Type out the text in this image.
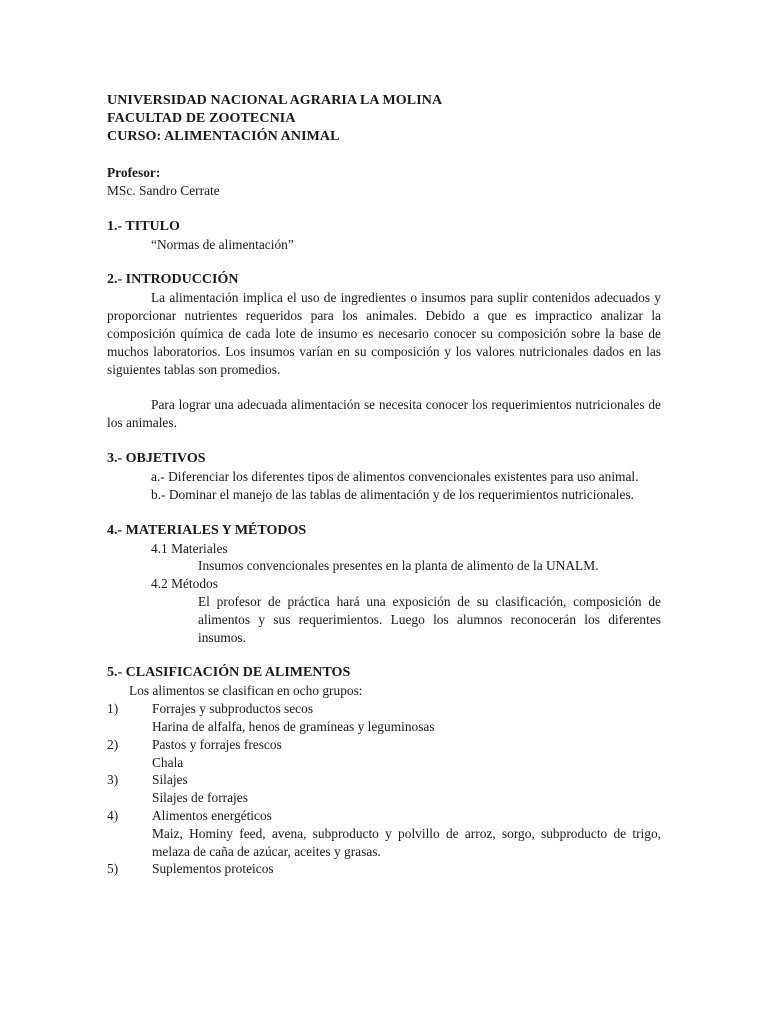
UNIVERSIDAD NACIONAL AGRARIA LA MOLINA
FACULTAD DE ZOOTECNIA
CURSO: ALIMENTACIÓN ANIMAL
Profesor:
MSc. Sandro Cerrate
1.- TITULO
“Normas de alimentación”
2.- INTRODUCCIÓN
La alimentación implica el uso de ingredientes o insumos para suplir contenidos adecuados y proporcionar nutrientes requeridos para los animales. Debido a que es impractico analizar la composición química de cada lote de insumo es necesario conocer su composición sobre la base de muchos laboratorios. Los insumos varían en su composición y los valores nutricionales dados en las siguientes tablas son promedios.
Para lograr una adecuada alimentación se necesita conocer los requerimientos nutricionales de los animales.
3.- OBJETIVOS
a.- Diferenciar los diferentes tipos de alimentos convencionales existentes para uso animal.
b.- Dominar el manejo de las tablas de alimentación y de los requerimientos nutricionales.
4.- MATERIALES Y MÉTODOS
4.1 Materiales
Insumos convencionales presentes en la planta de alimento de la UNALM.
4.2 Métodos
El profesor de práctica hará una exposición de su clasificación, composición de alimentos y sus requerimientos. Luego los alumnos reconocerán los diferentes insumos.
5.- CLASIFICACIÓN DE ALIMENTOS
Los alimentos se clasifican en ocho grupos:
1)	Forrajes y subproductos secos
Harina de alfalfa, henos de gramíneas y leguminosas
2)	Pastos y forrajes frescos
Chala
3)	Silajes
Silajes de forrajes
4)	Alimentos energéticos
Maiz, Hominy feed, avena, subproducto y polvillo de arroz, sorgo, subproducto de trigo, melaza de caña de azúcar, aceites y grasas.
5)	Suplementos proteicos
